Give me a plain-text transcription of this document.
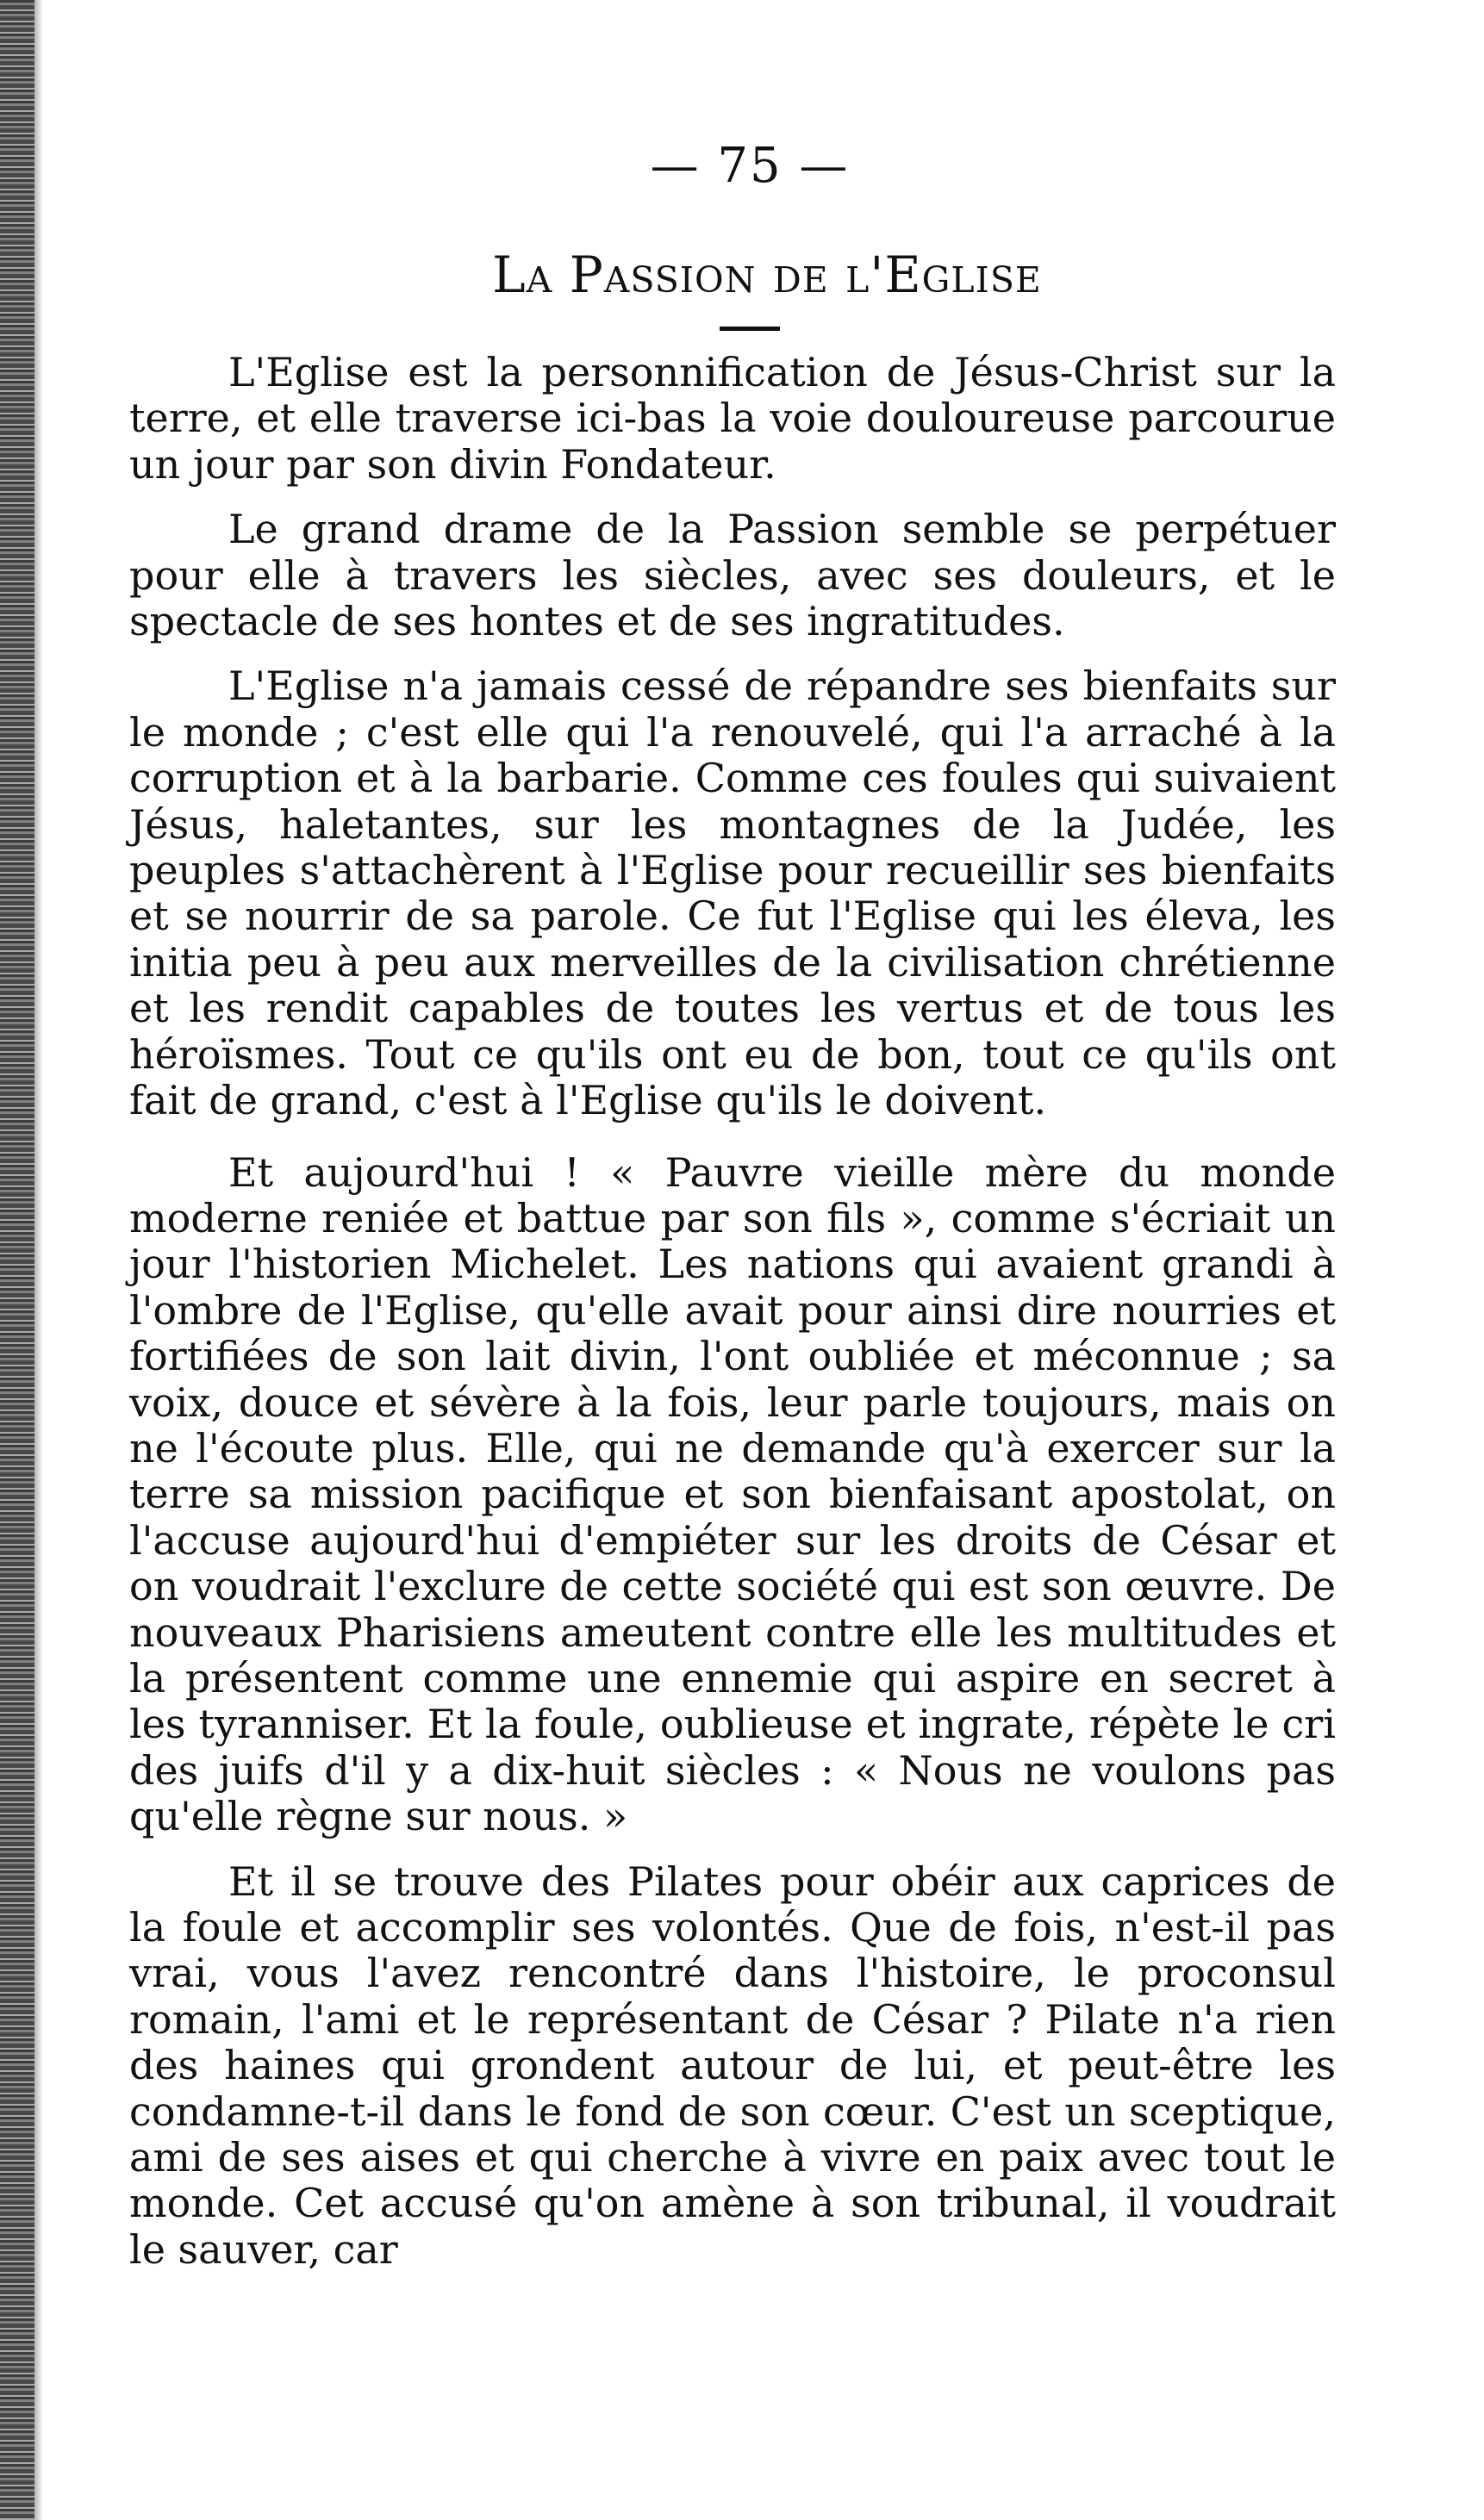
— 75 —
La Passion de l'Eglise

L'Eglise est la personnification de Jésus-Christ sur la terre, et elle traverse ici-bas la voie douloureuse parcourue un jour par son divin Fondateur.

Le grand drame de la Passion semble se perpétuer pour elle à travers les siècles, avec ses douleurs, et le spectacle de ses hontes et de ses ingratitudes.

L'Eglise n'a jamais cessé de répandre ses bienfaits sur le monde ; c'est elle qui l'a renouvelé, qui l'a arraché à la corruption et à la barbarie. Comme ces foules qui suivaient Jésus, haletantes, sur les montagnes de la Judée, les peuples s'attachèrent à l'Eglise pour recueillir ses bienfaits et se nourrir de sa parole. Ce fut l'Eglise qui les éleva, les initia peu à peu aux merveilles de la civilisation chrétienne et les rendit capables de toutes les vertus et de tous les héroïsmes. Tout ce qu'ils ont eu de bon, tout ce qu'ils ont fait de grand, c'est à l'Eglise qu'ils le doivent.

Et aujourd'hui ! « Pauvre vieille mère du monde moderne reniée et battue par son fils », comme s'écriait un jour l'historien Michelet. Les nations qui avaient grandi à l'ombre de l'Eglise, qu'elle avait pour ainsi dire nourries et fortifiées de son lait divin, l'ont oubliée et méconnue ; sa voix, douce et sévère à la fois, leur parle toujours, mais on ne l'écoute plus. Elle, qui ne demande qu'à exercer sur la terre sa mission pacifique et son bienfaisant apostolat, on l'accuse aujourd'hui d'empiéter sur les droits de César et on voudrait l'exclure de cette société qui est son œuvre. De nouveaux Pharisiens ameutent contre elle les multitudes et la présentent comme une ennemie qui aspire en secret à les tyranniser. Et la foule, oublieuse et ingrate, répète le cri des juifs d'il y a dix-huit siècles : « Nous ne voulons pas qu'elle règne sur nous. »

Et il se trouve des Pilates pour obéir aux caprices de la foule et accomplir ses volontés. Que de fois, n'est-il pas vrai, vous l'avez rencontré dans l'histoire, le proconsul romain, l'ami et le représentant de César ? Pilate n'a rien des haines qui grondent autour de lui, et peut-être les condamne-t-il dans le fond de son cœur. C'est un sceptique, ami de ses aises et qui cherche à vivre en paix avec tout le monde. Cet accusé qu'on amène à son tribunal, il voudrait le sauver, car
